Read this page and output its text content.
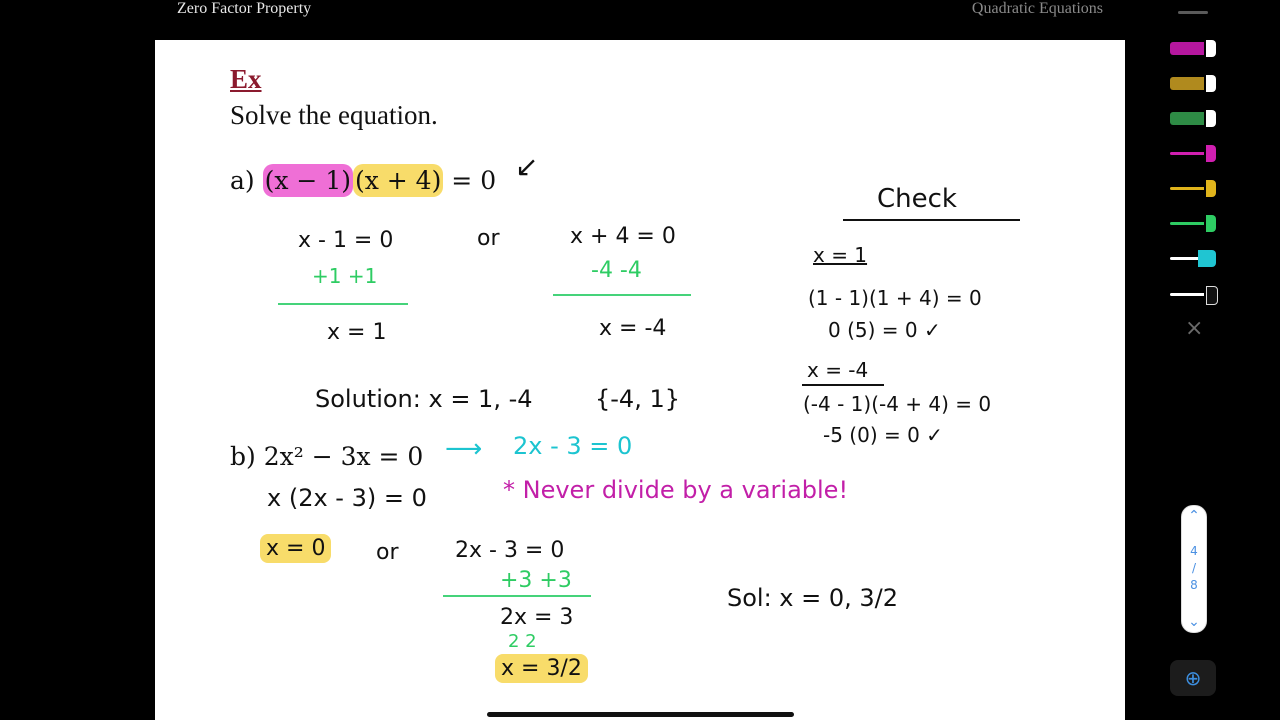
Zero Factor Property	Quadratic Equations
Ex
Solve the equation.
a) (x − 1) (x + 4) = 0 ↙
x - 1 = 0
+1 +1
x = 1
or	x + 4 = 0
-4 -4
x = -4
Solution: x = 1, -4	{-4, 1}
Check
x = 1
(1 - 1)(1 + 4) = 0
0 (5) = 0 ✓
x = -4
(-4 - 1)(-4 + 4) = 0
-5 (0) = 0 ✓
b) 2x² − 3x = 0 ⟶ 2x - 3 = 0
x (2x - 3) = 0	* Never divide by a variable!
x = 0 or	2x - 3 = 0
+3 +3
2x = 3
2 2
x = 3/2
Sol: x = 0, 3/2
×
⌃
4
/
8
⌄
⊕
